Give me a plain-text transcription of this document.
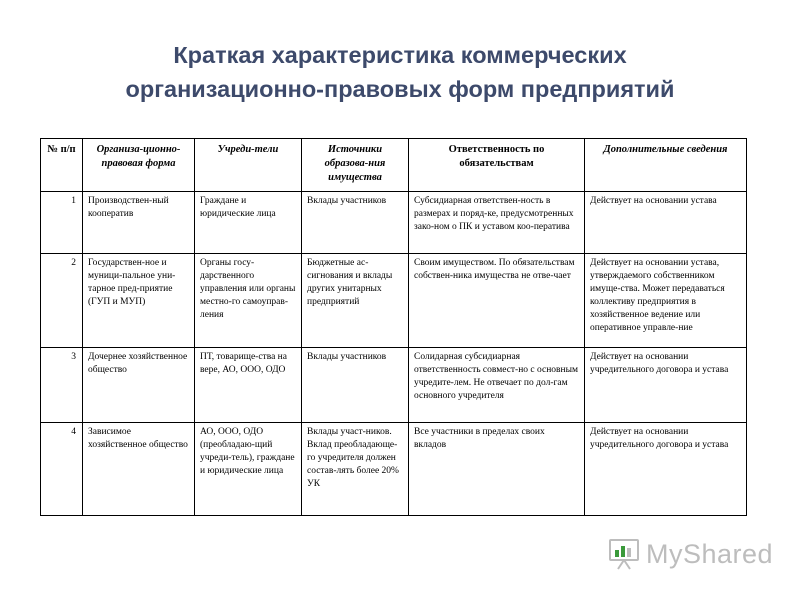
Краткая характеристика коммерческих
организационно-правовых форм предприятий
№ п/п	Организа-ционно-правовая форма	Учреди-тели	Источники образова-ния имущества	Ответственность по обязательствам	Дополнительные сведения
1	Производствен-ный кооператив	Граждане и юридические лица	Вклады участников	Субсидиарная ответствен-ность в размерах и поряд-ке, предусмотренных зако-ном о ПК и уставом коо-ператива	Действует на основании устава
2	Государствен-ное и муници-пальное уни-тарное пред-приятие (ГУП и МУП)	Органы госу-дарственного управления или органы местно-го самоуправ-ления	Бюджетные ас-сигнования и вклады других унитарных предприятий	Своим имуществом. По обязательствам собствен-ника имущества не отве-чает	Действует на основании устава, утверждаемого собственником имуще-ства. Может передаваться коллективу предприятия в хозяйственное ведение или оперативное управле-ние
3	Дочернее хозяйственное общество	ПТ, товарище-ства на вере, АО, ООО, ОДО	Вклады участников	Солидарная субсидиарная ответственность совмест-но с основным учредите-лем. Не отвечает по дол-гам основного учредителя	Действует на основании учредительного договора и устава
4	Зависимое хозяйственное общество	АО, ООО, ОДО (преобладаю-щий учреди-тель), граждане и юридические лица	Вклады участ-ников. Вклад преобладающе-го учредителя должен состав-лять более 20% УК	Все участники в пределах своих вкладов	Действует на основании учредительного договора и устава
MyShared
